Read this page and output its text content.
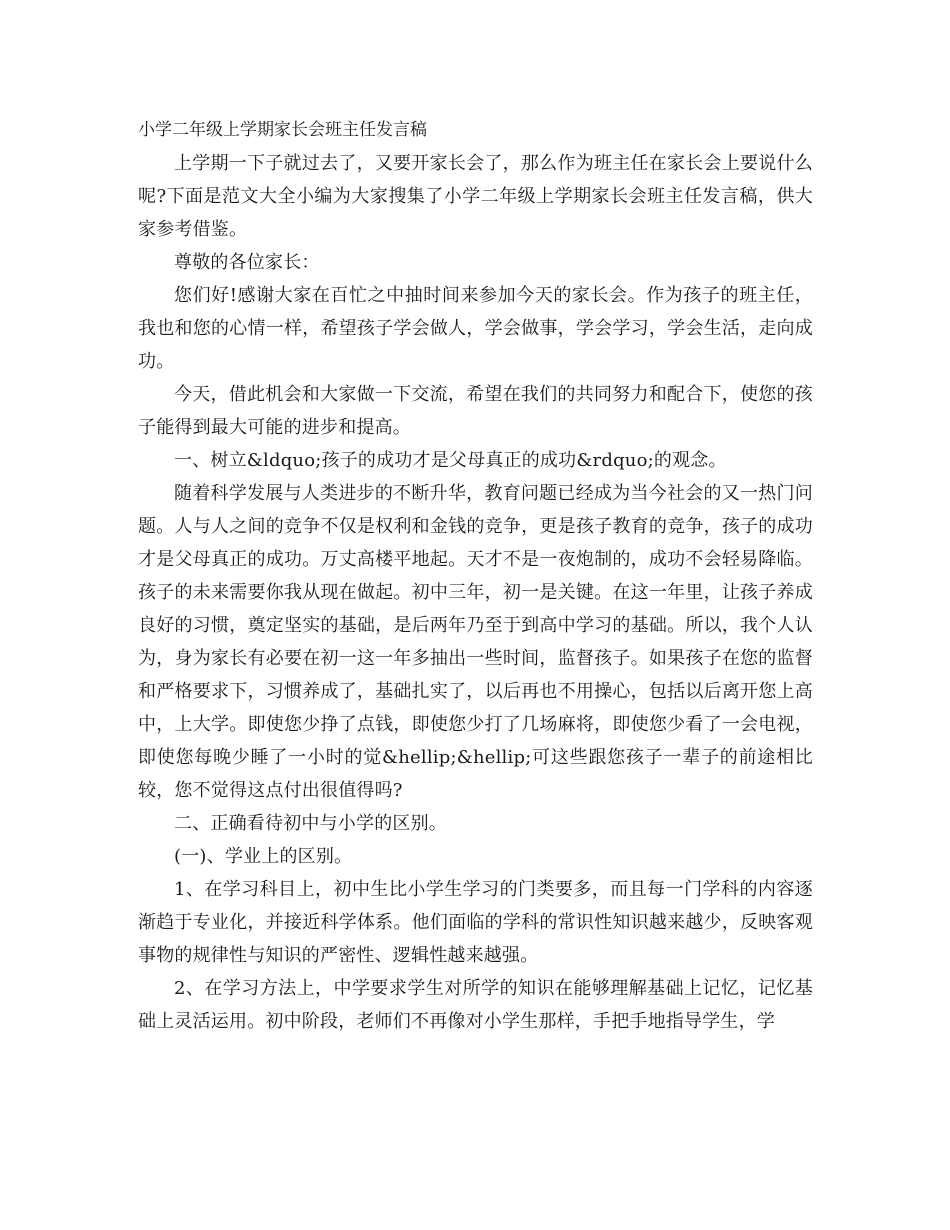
小学二年级上学期家长会班主任发言稿

上学期一下子就过去了，又要开家长会了，那么作为班主任在家长会上要说什么呢?下面是范文大全小编为大家搜集了小学二年级上学期家长会班主任发言稿，供大家参考借鉴。

尊敬的各位家长：

您们好!感谢大家在百忙之中抽时间来参加今天的家长会。作为孩子的班主任，我也和您的心情一样，希望孩子学会做人，学会做事，学会学习，学会生活，走向成功。

今天，借此机会和大家做一下交流，希望在我们的共同努力和配合下，使您的孩子能得到最大可能的进步和提高。

一、树立&ldquo;孩子的成功才是父母真正的成功&rdquo;的观念。

随着科学发展与人类进步的不断升华，教育问题已经成为当今社会的又一热门问题。人与人之间的竞争不仅是权利和金钱的竞争，更是孩子教育的竞争，孩子的成功才是父母真正的成功。万丈高楼平地起。天才不是一夜炮制的，成功不会轻易降临。孩子的未来需要你我从现在做起。初中三年，初一是关键。在这一年里，让孩子养成良好的习惯，奠定坚实的基础，是后两年乃至于到高中学习的基础。所以，我个人认为，身为家长有必要在初一这一年多抽出一些时间，监督孩子。如果孩子在您的监督和严格要求下，习惯养成了，基础扎实了，以后再也不用操心，包括以后离开您上高中，上大学。即使您少挣了点钱，即使您少打了几场麻将，即使您少看了一会电视，即使您每晚少睡了一小时的觉&hellip;&hellip;可这些跟您孩子一辈子的前途相比较，您不觉得这点付出很值得吗?

二、正确看待初中与小学的区别。

(一)、学业上的区别。

1、在学习科目上，初中生比小学生学习的门类要多，而且每一门学科的内容逐渐趋于专业化，并接近科学体系。他们面临的学科的常识性知识越来越少，反映客观事物的规律性与知识的严密性、逻辑性越来越强。

2、在学习方法上，中学要求学生对所学的知识在能够理解基础上记忆，记忆基础上灵活运用。初中阶段，老师们不再像对小学生那样，手把手地指导学生，学
